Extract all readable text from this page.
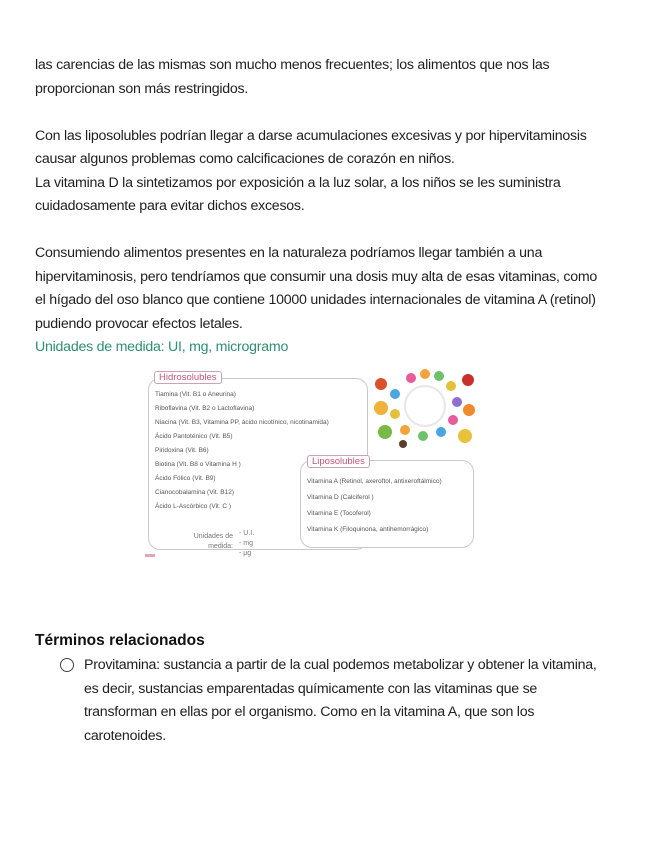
las carencias de las mismas son mucho menos frecuentes; los alimentos que nos las

proporcionan son más restringidos.

Con las liposolubles podrían llegar a darse acumulaciones excesivas y por hipervitaminosis

causar algunos problemas como calcificaciones de corazón en niños.

La vitamina D la sintetizamos por exposición a la luz solar, a los niños se les suministra

cuidadosamente para evitar dichos excesos.

Consumiendo alimentos presentes en la naturaleza podríamos llegar también a una

hipervitaminosis, pero tendríamos que consumir una dosis muy alta de esas vitaminas, como

el hígado del oso blanco que contiene 10000 unidades internacionales de vitamina A (retinol)

pudiendo provocar efectos letales.

Unidades de medida: UI, mg, microgramo

Hidrosolubles
Tiamina (Vit. B1 o Aneurina)
Riboflavina (Vit. B2 o Lactoflavina)
Niacina (Vit. B3, Vitamina PP, ácido nicotínico, nicotinamida)
Ácido Pantoténico (Vit. B5)
Piridoxina (Vit. B6)
Biotina (Vit. B8 o Vitamina H )
Ácido Fólico (Vit. B9)
Cianocobalamina (Vit. B12)
Ácido L-Ascórbico (Vit. C )
Liposolubles
Vitamina A (Retinol, axeroftol, antixeroftálmico)
Vitamina D (Calciferol )
Vitamina E (Tocoferol)
Vitamina K (Filoquinona, antihemorrágico)
Unidades de medida:
- U.I.
- mg
- μg
Términos relacionados

Provitamina: sustancia a partir de la cual podemos metabolizar y obtener la vitamina,

es decir, sustancias emparentadas químicamente con las vitaminas que se

transforman en ellas por el organismo. Como en la vitamina A, que son los

carotenoides.
